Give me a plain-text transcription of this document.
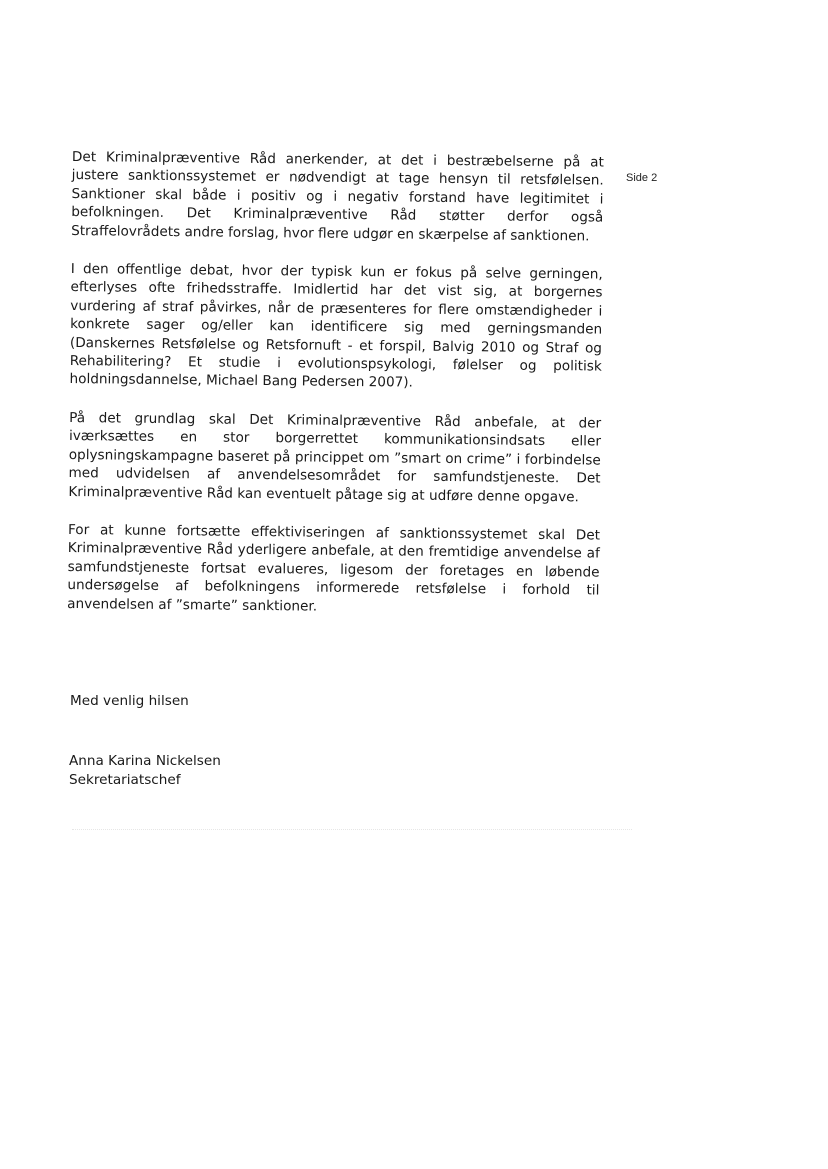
Side 2

Det Kriminalpræventive Råd anerkender, at det i bestræbelserne på at justere sanktionssystemet er nødvendigt at tage hensyn til retsfølelsen. Sanktioner skal både i positiv og i negativ forstand have legitimitet i befolkningen. Det Kriminalpræventive Råd støtter derfor også Straffelovrådets andre forslag, hvor flere udgør en skærpelse af sanktionen.

I den offentlige debat, hvor der typisk kun er fokus på selve gerningen, efterlyses ofte frihedsstraffe. Imidlertid har det vist sig, at borgernes vurdering af straf påvirkes, når de præsenteres for flere omstændigheder i konkrete sager og/eller kan identificere sig med gerningsmanden (Danskernes Retsfølelse og Retsfornuft - et forspil, Balvig 2010 og Straf og Rehabilitering? Et studie i evolutionspsykologi, følelser og politisk holdningsdannelse, Michael Bang Pedersen 2007).

På det grundlag skal Det Kriminalpræventive Råd anbefale, at der iværksættes en stor borgerrettet kommunikationsindsats eller oplysningskampagne baseret på princippet om ”smart on crime” i forbindelse med udvidelsen af anvendelsesområdet for samfundstjeneste. Det Kriminalpræventive Råd kan eventuelt påtage sig at udføre denne opgave.

For at kunne fortsætte effektiviseringen af sanktionssystemet skal Det Kriminalpræventive Råd yderligere anbefale, at den fremtidige anvendelse af samfundstjeneste fortsat evalueres, ligesom der foretages en løbende undersøgelse af befolkningens informerede retsfølelse i forhold til anvendelsen af ”smarte” sanktioner.

Med venlig hilsen
Anna Karina Nickelsen
Sekretariatschef
